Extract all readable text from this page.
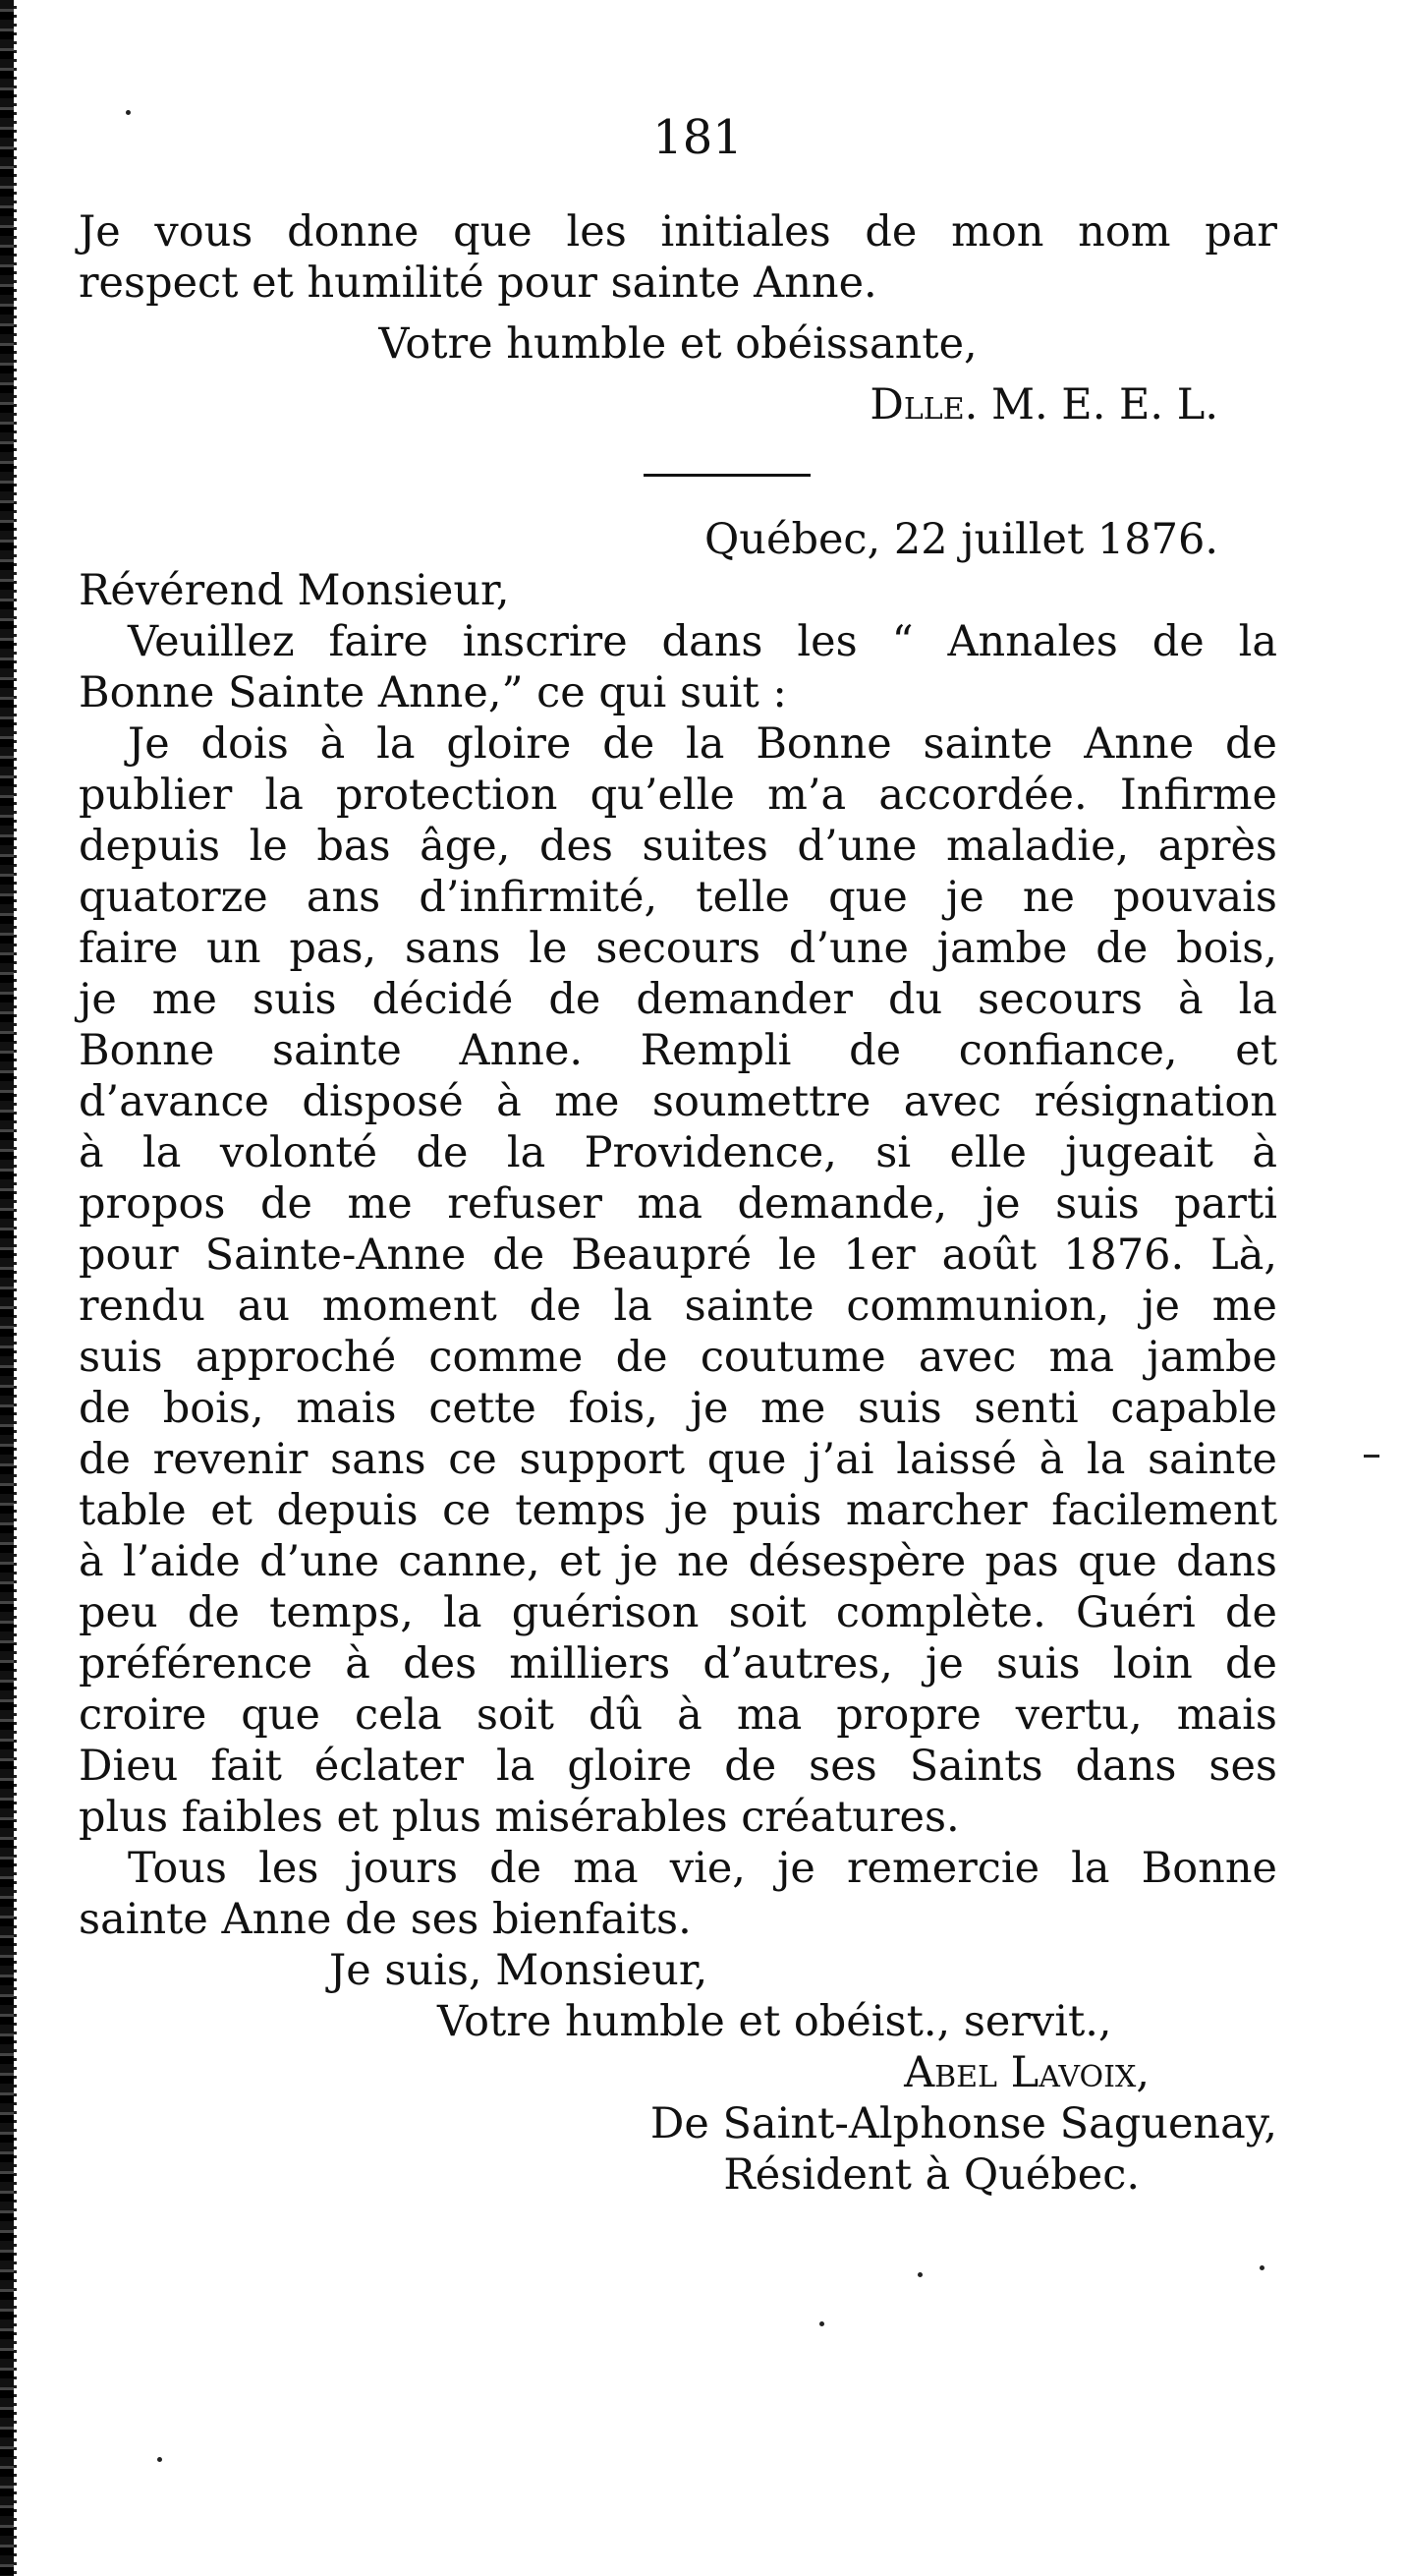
181
Je vous donne que les initiales de mon nom par
respect et humilité pour sainte Anne.
Votre humble et obéissante,
Dlle. M. E. E. L.
Québec, 22 juillet 1876.
Révérend Monsieur,
Veuillez faire inscrire dans les “ Annales de la
Bonne Sainte Anne,” ce qui suit :
Je dois à la gloire de la Bonne sainte Anne de
publier la protection qu’elle m’a accordée. Infirme
depuis le bas âge, des suites d’une maladie, après
quatorze ans d’infirmité, telle que je ne pouvais
faire un pas, sans le secours d’une jambe de bois,
je me suis décidé de demander du secours à la
Bonne sainte Anne. Rempli de confiance, et
d’avance disposé à me soumettre avec résignation
à la volonté de la Providence, si elle jugeait à
propos de me refuser ma demande, je suis parti
pour Sainte-Anne de Beaupré le 1er août 1876. Là,
rendu au moment de la sainte communion, je me
suis approché comme de coutume avec ma jambe
de bois, mais cette fois, je me suis senti capable
de revenir sans ce support que j’ai laissé à la sainte
table et depuis ce temps je puis marcher facilement
à l’aide d’une canne, et je ne désespère pas que dans
peu de temps, la guérison soit complète. Guéri de
préférence à des milliers d’autres, je suis loin de
croire que cela soit dû à ma propre vertu, mais
Dieu fait éclater la gloire de ses Saints dans ses
plus faibles et plus misérables créatures.
Tous les jours de ma vie, je remercie la Bonne
sainte Anne de ses bienfaits.
Je suis, Monsieur,
Votre humble et obéist., servit.,
Abel Lavoix,
De Saint-Alphonse Saguenay,
Résident à Québec.
